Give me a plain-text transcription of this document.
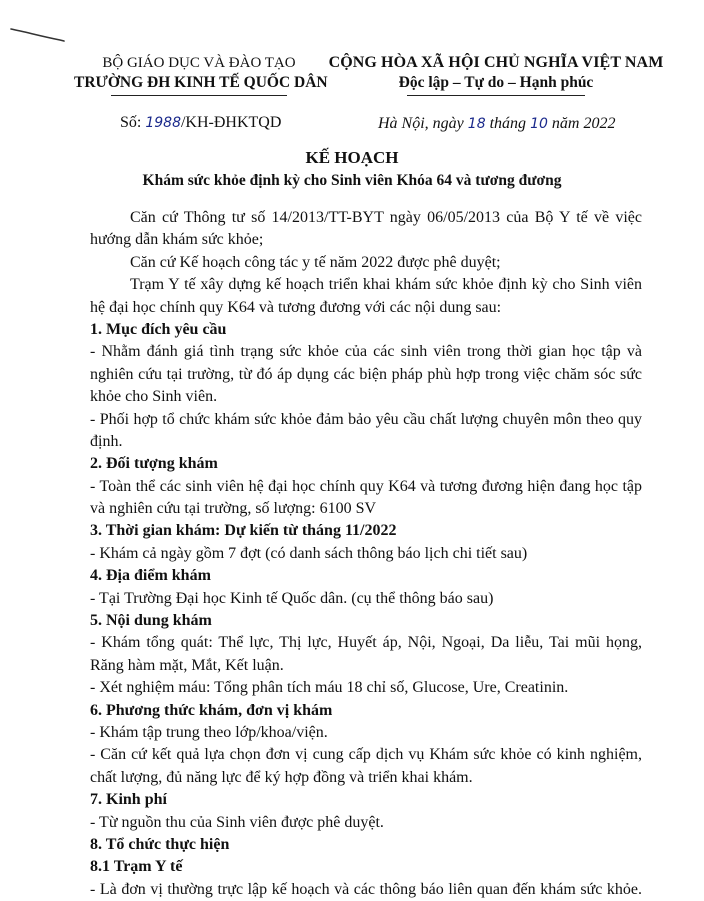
BỘ GIÁO DỤC VÀ ĐÀO TẠO
TRƯỜNG ĐH KINH TẾ QUỐC DÂN
CỘNG HÒA XÃ HỘI CHỦ NGHĨA VIỆT NAM
Độc lập – Tự do – Hạnh phúc
Số: 1988/KH-ĐHKTQD	Hà Nội, ngày 18 tháng 10 năm 2022
KẾ HOẠCH
Khám sức khỏe định kỳ cho Sinh viên Khóa 64 và tương đương
Căn cứ Thông tư số 14/2013/TT-BYT ngày 06/05/2013 của Bộ Y tế về việc
hướng dẫn khám sức khỏe;
Căn cứ Kế hoạch công tác y tế năm 2022 được phê duyệt;
Trạm Y tế xây dựng kế hoạch triển khai khám sức khỏe định kỳ cho Sinh viên
hệ đại học chính quy K64 và tương đương với các nội dung sau:
1. Mục đích yêu cầu
- Nhằm đánh giá tình trạng sức khỏe của các sinh viên trong thời gian học tập và
nghiên cứu tại trường, từ đó áp dụng các biện pháp phù hợp trong việc chăm sóc sức
khỏe cho Sinh viên.
- Phối hợp tổ chức khám sức khỏe đảm bảo yêu cầu chất lượng chuyên môn theo quy
định.
2. Đối tượng khám
- Toàn thể các sinh viên hệ đại học chính quy K64 và tương đương hiện đang học tập
và nghiên cứu tại trường, số lượng: 6100 SV
3. Thời gian khám: Dự kiến từ tháng 11/2022
- Khám cả ngày gồm 7 đợt (có danh sách thông báo lịch chi tiết sau)
4. Địa điểm khám
- Tại Trường Đại học Kinh tế Quốc dân. (cụ thể thông báo sau)
5. Nội dung khám
- Khám tổng quát: Thể lực, Thị lực, Huyết áp, Nội, Ngoại, Da liễu, Tai mũi họng,
Răng hàm mặt, Mắt, Kết luận.
- Xét nghiệm máu: Tổng phân tích máu 18 chỉ số, Glucose, Ure, Creatinin.
6. Phương thức khám, đơn vị khám
- Khám tập trung theo lớp/khoa/viện.
- Căn cứ kết quả lựa chọn đơn vị cung cấp dịch vụ Khám sức khỏe có kinh nghiệm,
chất lượng, đủ năng lực để ký hợp đồng và triển khai khám.
7. Kinh phí
- Từ nguồn thu của Sinh viên được phê duyệt.
8. Tổ chức thực hiện
8.1 Trạm Y tế
- Là đơn vị thường trực lập kế hoạch và các thông báo liên quan đến khám sức khỏe.
